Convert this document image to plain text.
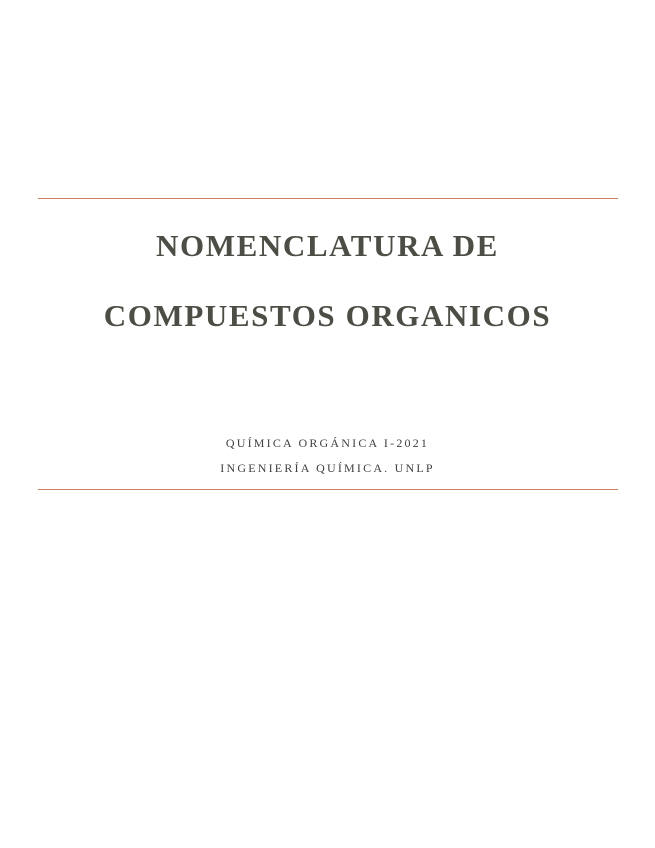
NOMENCLATURA DE
COMPUESTOS ORGANICOS
QUÍMICA ORGÁNICA I-2021
INGENIERÍA QUÍMICA. UNLP
